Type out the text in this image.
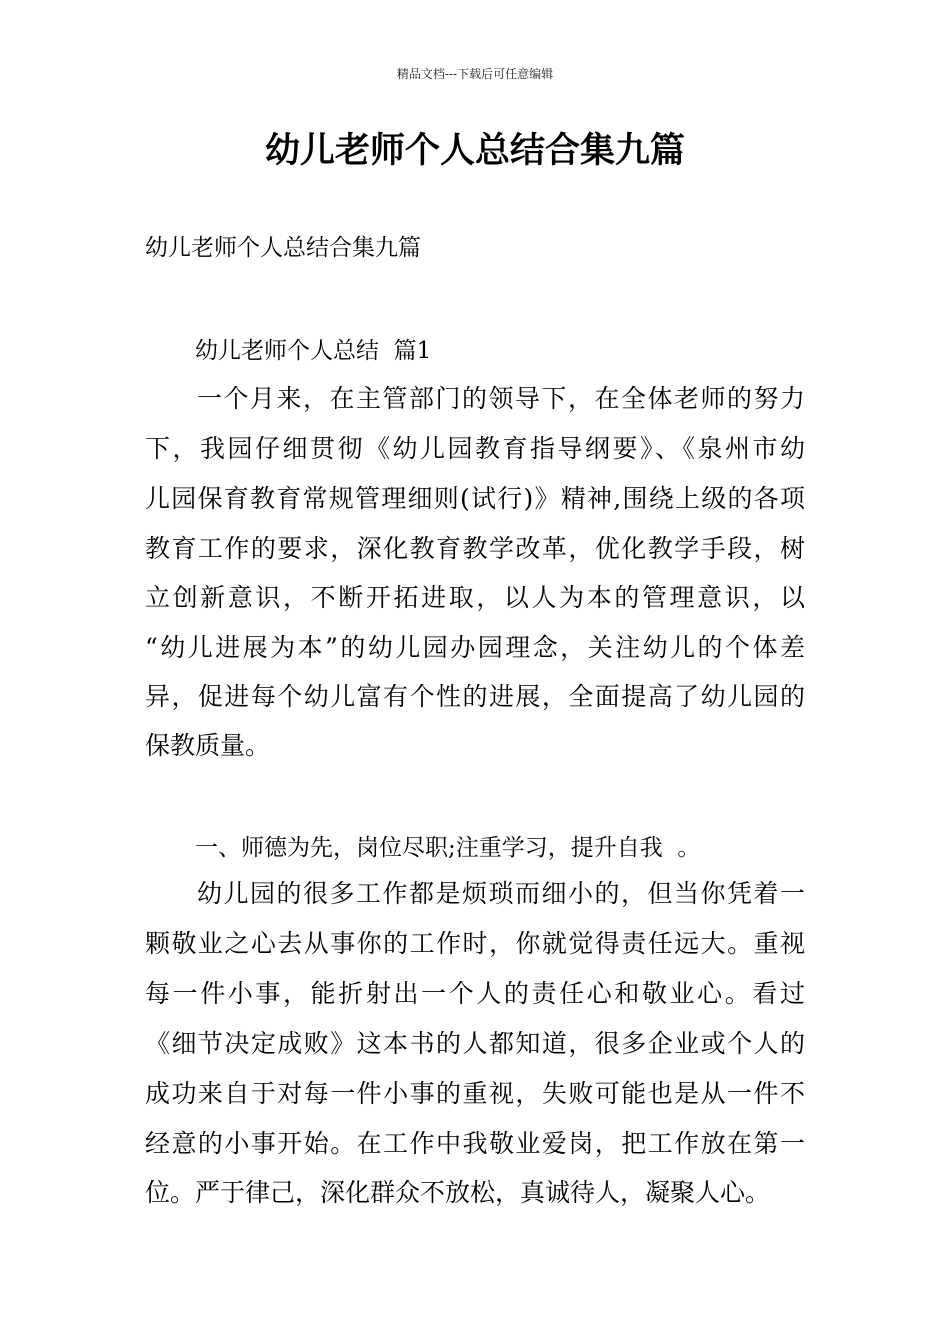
精品文档---下载后可任意编辑
幼儿老师个人总结合集九篇

幼儿老师个人总结合集九篇

幼儿老师个人总结  篇1

一个月来，在主管部门的领导下，在全体老师的努力

下，我园仔细贯彻《幼儿园教育指导纲要》、《泉州市幼

儿园保育教育常规管理细则(试行)》精神,围绕上级的各项

教育工作的要求，深化教育教学改革，优化教学手段，树

立创新意识，不断开拓进取，以人为本的管理意识，以

“幼儿进展为本”的幼儿园办园理念，关注幼儿的个体差

异，促进每个幼儿富有个性的进展，全面提高了幼儿园的

保教质量。

一、师德为先，岗位尽职;注重学习，提升自我  。

幼儿园的很多工作都是烦琐而细小的，但当你凭着一

颗敬业之心去从事你的工作时，你就觉得责任远大。重视

每一件小事，能折射出一个人的责任心和敬业心。看过

《细节决定成败》这本书的人都知道，很多企业或个人的

成功来自于对每一件小事的重视，失败可能也是从一件不

经意的小事开始。在工作中我敬业爱岗，把工作放在第一

位。严于律己，深化群众不放松，真诚待人，凝聚人心。
